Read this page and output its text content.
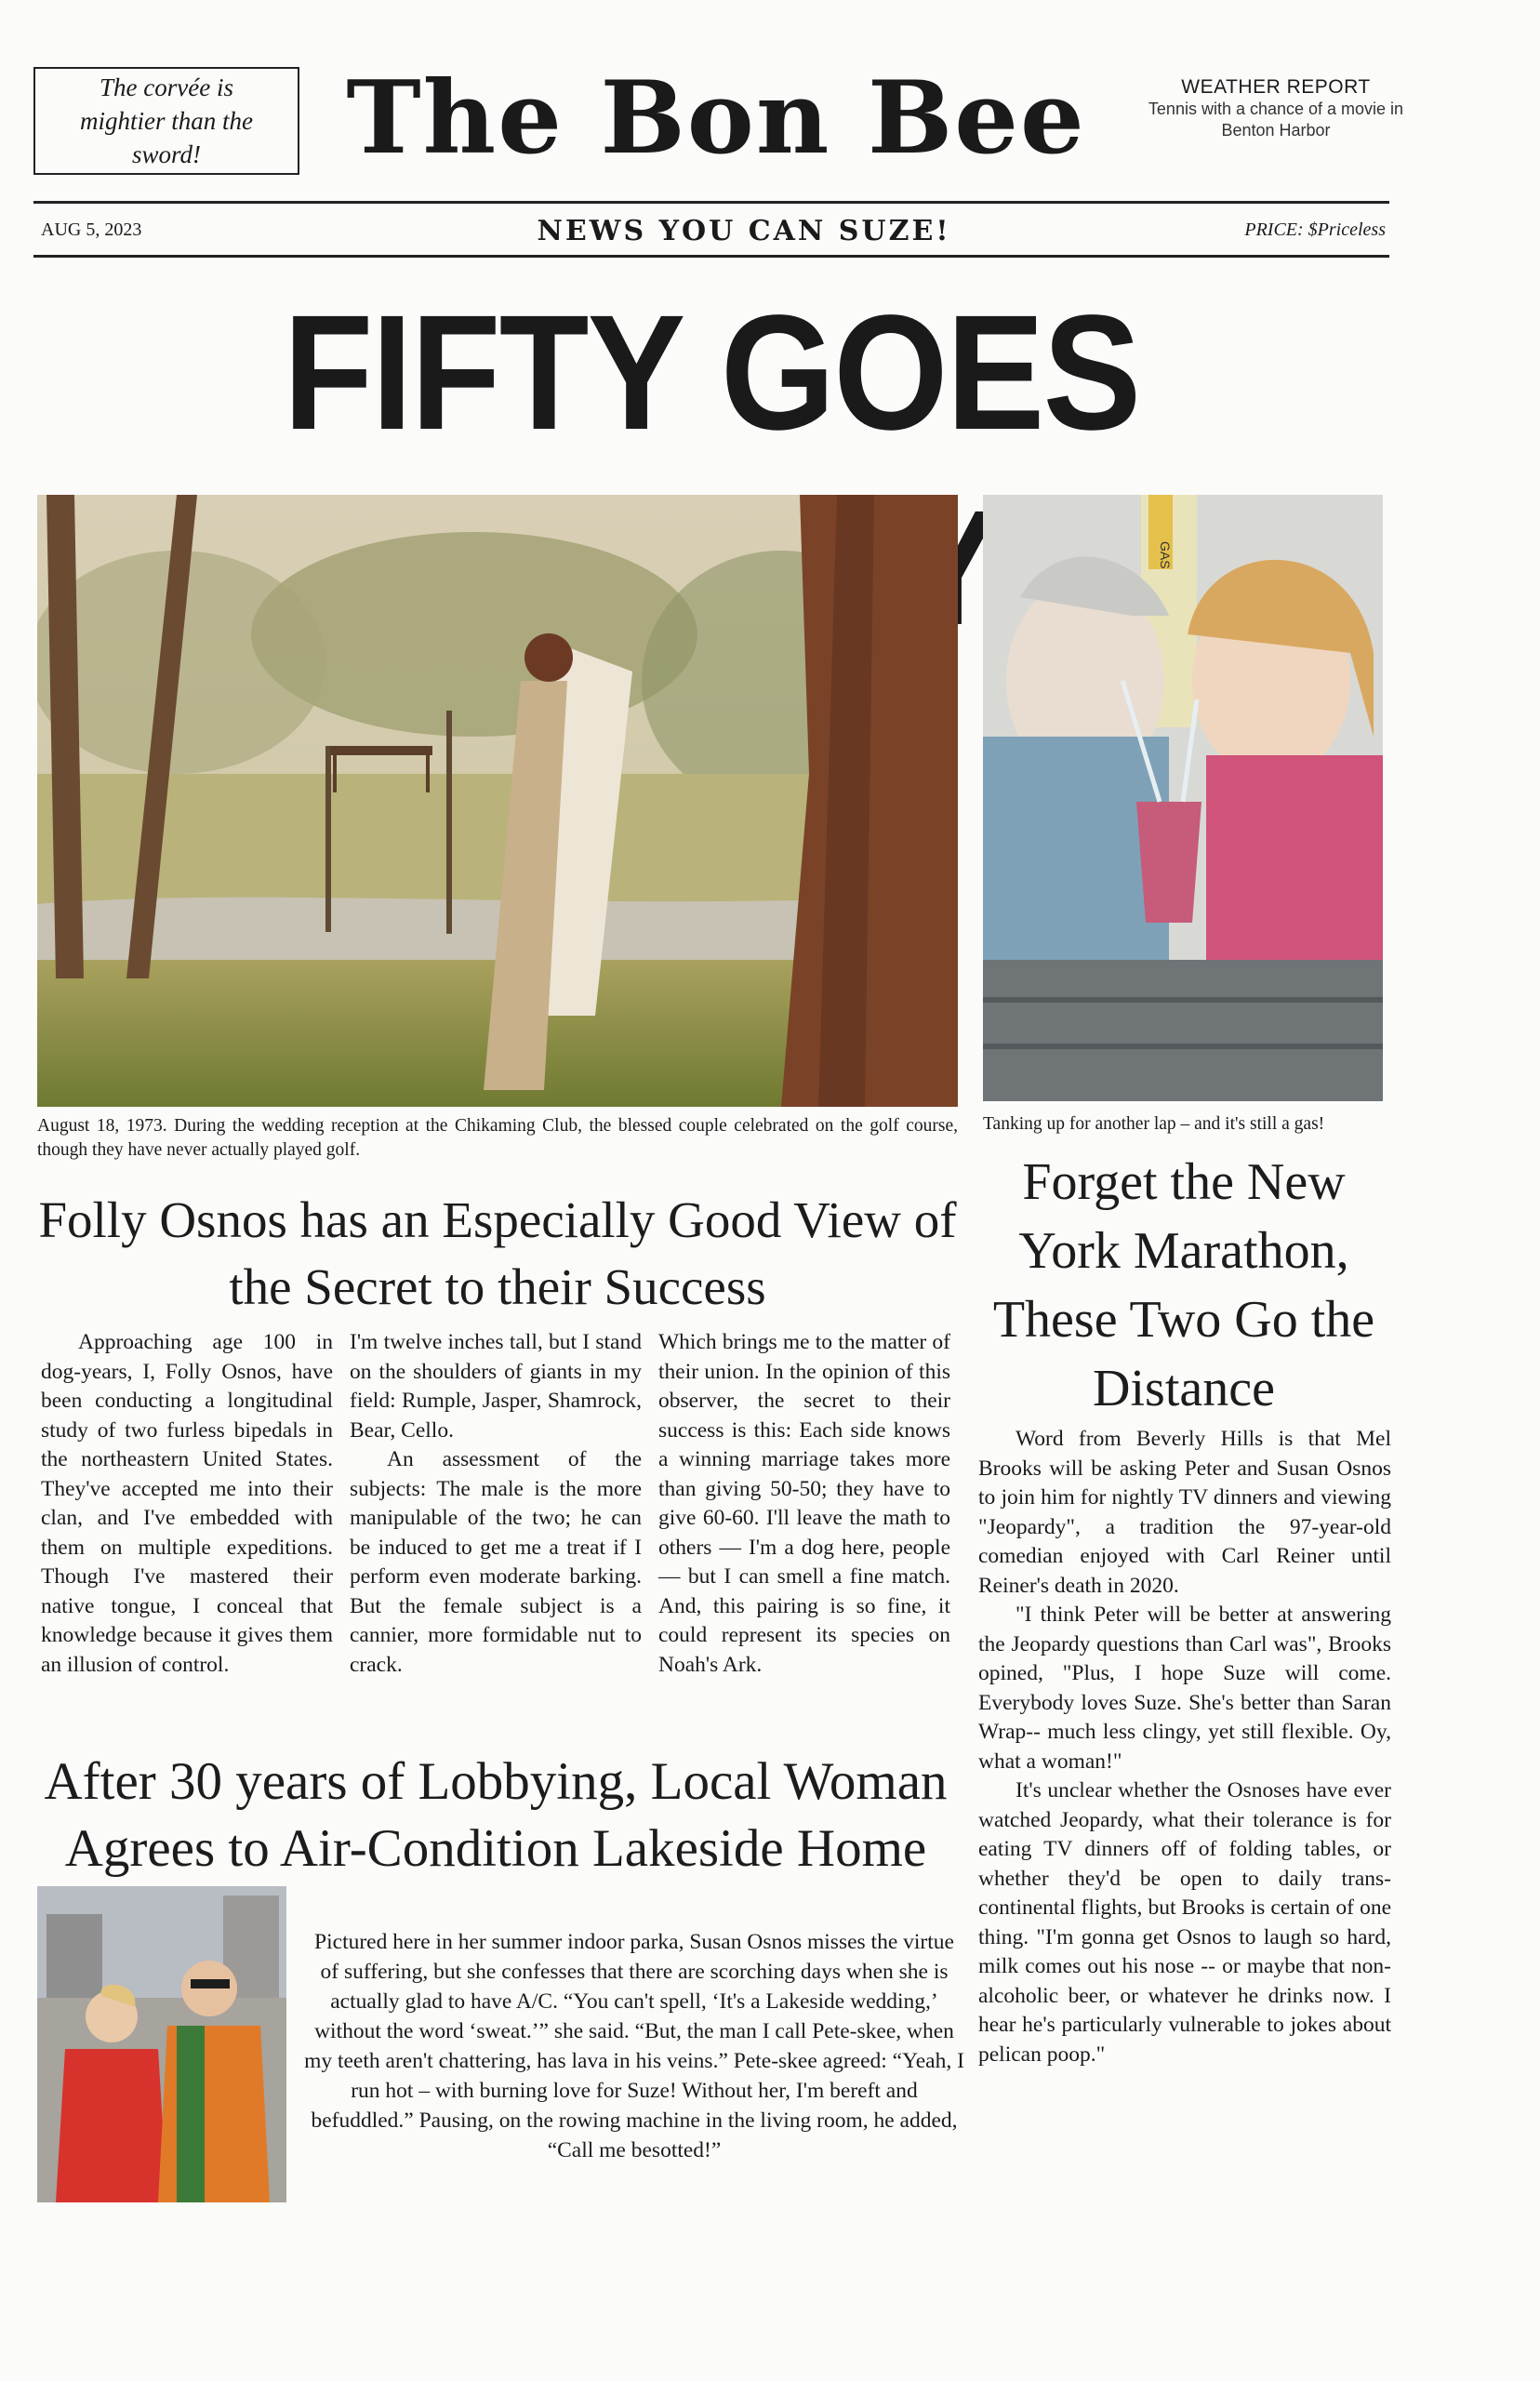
The corvée is mightier than the sword!	The Bon Bee	WEATHER REPORT
Tennis with a chance of a movie in Benton Harbor
AUG 5, 2023	NEWS YOU CAN SUZE!	PRICE: $Priceless
FIFTY GOES
August 18, 1973. During the wedding reception at the Chikaming Club, the blessed couple celebrated on the golf course, though they have never actually played golf.
GAS
Tanking up for another lap – and it's still a gas!
Folly Osnos has an Especially Good View of the Secret to their Success

Approaching age 100 in dog-years, I, Folly Osnos, have been conducting a longitudinal study of two furless bipedals in the northeastern United States. They've accepted me into their clan, and I've embedded with them on multiple expeditions. Though I've mastered their native tongue, I conceal that knowledge because it gives them an illusion of control.

I'm twelve inches tall, but I stand on the shoulders of giants in my field: Rumple, Jasper, Shamrock, Bear, Cello.

An assessment of the subjects: The male is the more manipulable of the two; he can be induced to get me a treat if I perform even moderate barking. But the female subject is a cannier, more formidable nut to crack.

Which brings me to the matter of their union. In the opinion of this observer, the secret to their success is this: Each side knows a winning marriage takes more than giving 50-50; they have to give 60-60. I'll leave the math to others — I'm a dog here, people — but I can smell a fine match. And, this pairing is so fine, it could represent its species on Noah's Ark.

After 30 years of Lobbying, Local Woman Agrees to Air-Condition Lakeside Home
Pictured here in her summer indoor parka, Susan Osnos misses the virtue of suffering, but she confesses that there are scorching days when she is actually glad to have A/C. “You can't spell, ‘It's a Lakeside wedding,’ without the word ‘sweat.’” she said. “But, the man I call Pete-skee, when my teeth aren't chattering, has lava in his veins.” Pete-skee agreed: “Yeah, I run hot – with burning love for Suze! Without her, I'm bereft and befuddled.” Pausing, on the rowing machine in the living room, he added, “Call me besotted!”
Forget the New York Marathon, These Two Go the Distance

Word from Beverly Hills is that Mel Brooks will be asking Peter and Susan Osnos to join him for nightly TV dinners and viewing "Jeopardy", a tradition the 97-year-old comedian enjoyed with Carl Reiner until Reiner's death in 2020.

"I think Peter will be better at answering the Jeopardy questions than Carl was", Brooks opined, "Plus, I hope Suze will come. Everybody loves Suze. She's better than Saran Wrap-- much less clingy, yet still flexible. Oy, what a woman!"

It's unclear whether the Osnoses have ever watched Jeopardy, what their tolerance is for eating TV dinners off of folding tables, or whether they'd be open to daily trans-continental flights, but Brooks is certain of one thing. "I'm gonna get Osnos to laugh so hard, milk comes out his nose -- or maybe that non-alcoholic beer, or whatever he drinks now. I hear he's particularly vulnerable to jokes about pelican poop."
